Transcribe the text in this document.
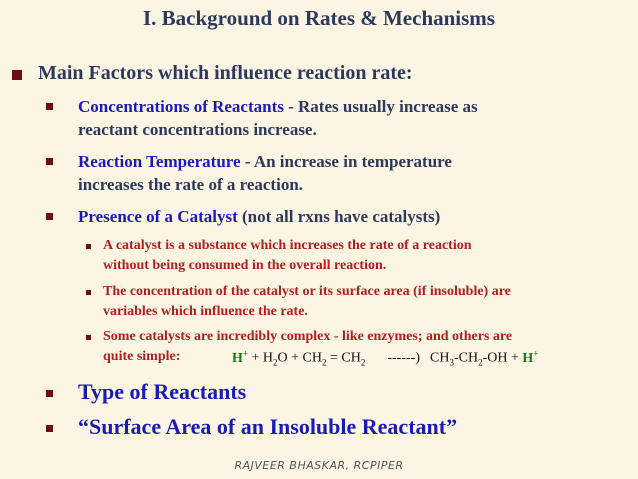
I. Background on Rates & Mechanisms
Main Factors which influence reaction rate:
Concentrations of Reactants - Rates usually increase as
reactant concentrations increase.
Reaction Temperature - An increase in temperature
increases the rate of a reaction.
Presence of a Catalyst (not all rxns have catalysts)
A catalyst is a substance which increases the rate of a reaction
without being consumed in the overall reaction.
The concentration of the catalyst or its surface area (if insoluble) are
variables which influence the rate.
Some catalysts are incredibly complex - like enzymes; and others are
quite simple:	$H^+ + H_2O + CH_2 = CH_2$ ------) $CH_3-CH_2-OH + H^+$
Type of Reactants
“Surface Area of an Insoluble Reactant”
RAJVEER BHASKAR, RCPIPER
